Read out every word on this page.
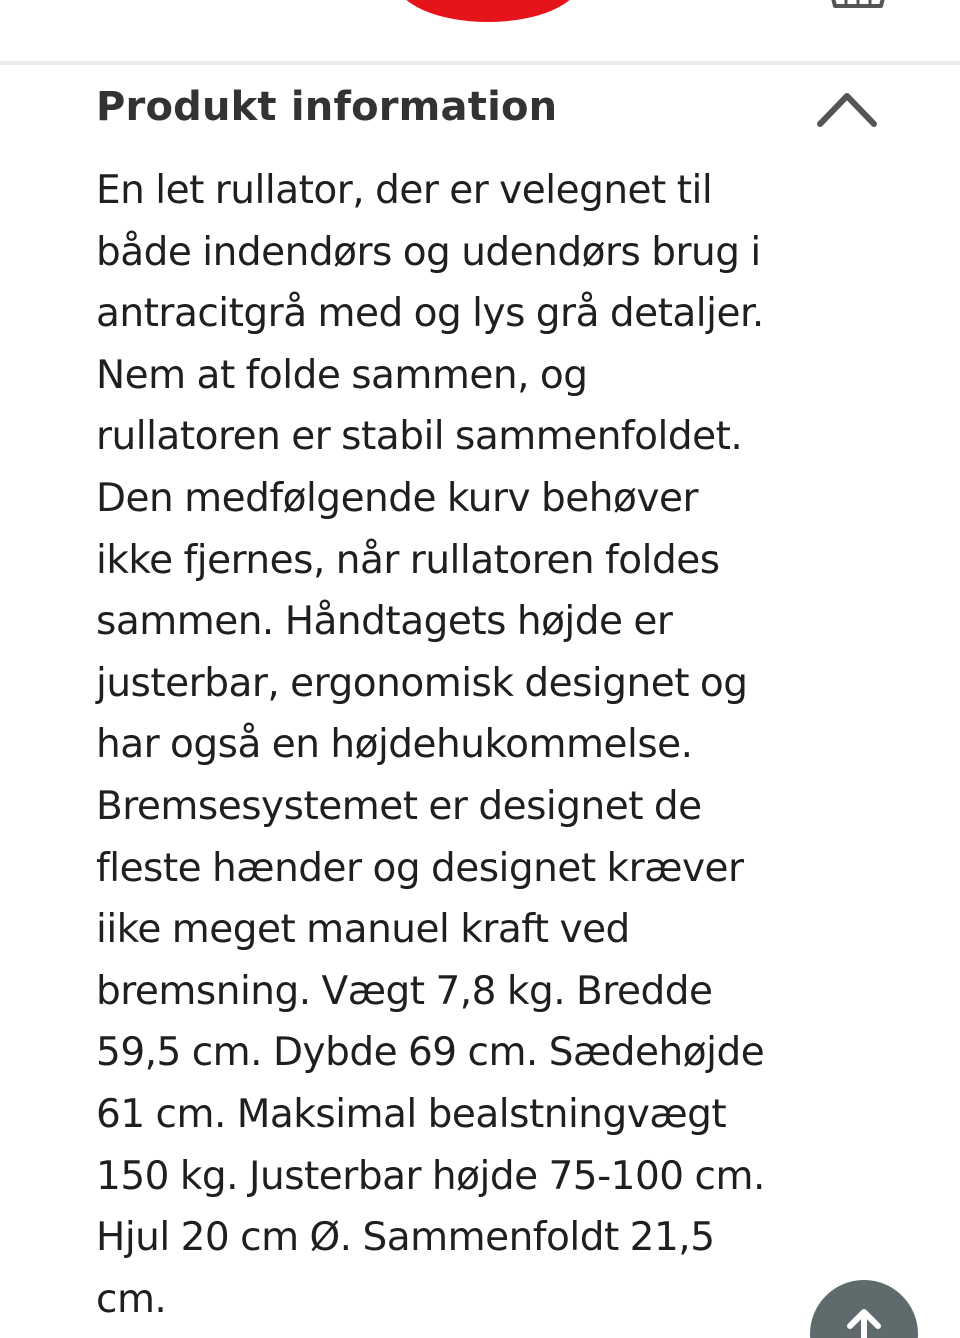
Produkt information

En let rullator, der er velegnet til
både indendørs og udendørs brug i
antracitgrå med og lys grå detaljer.
Nem at folde sammen, og
rullatoren er stabil sammenfoldet.
Den medfølgende kurv behøver
ikke fjernes, når rullatoren foldes
sammen. Håndtagets højde er
justerbar, ergonomisk designet og
har også en højdehukommelse.
Bremsesystemet er designet de
fleste hænder og designet kræver
iike meget manuel kraft ved
bremsning. Vægt 7,8 kg. Bredde
59,5 cm. Dybde 69 cm. Sædehøjde
61 cm. Maksimal bealstningvægt
150 kg. Justerbar højde 75-100 cm.
Hjul 20 cm Ø. Sammenfoldt 21,5
cm.
